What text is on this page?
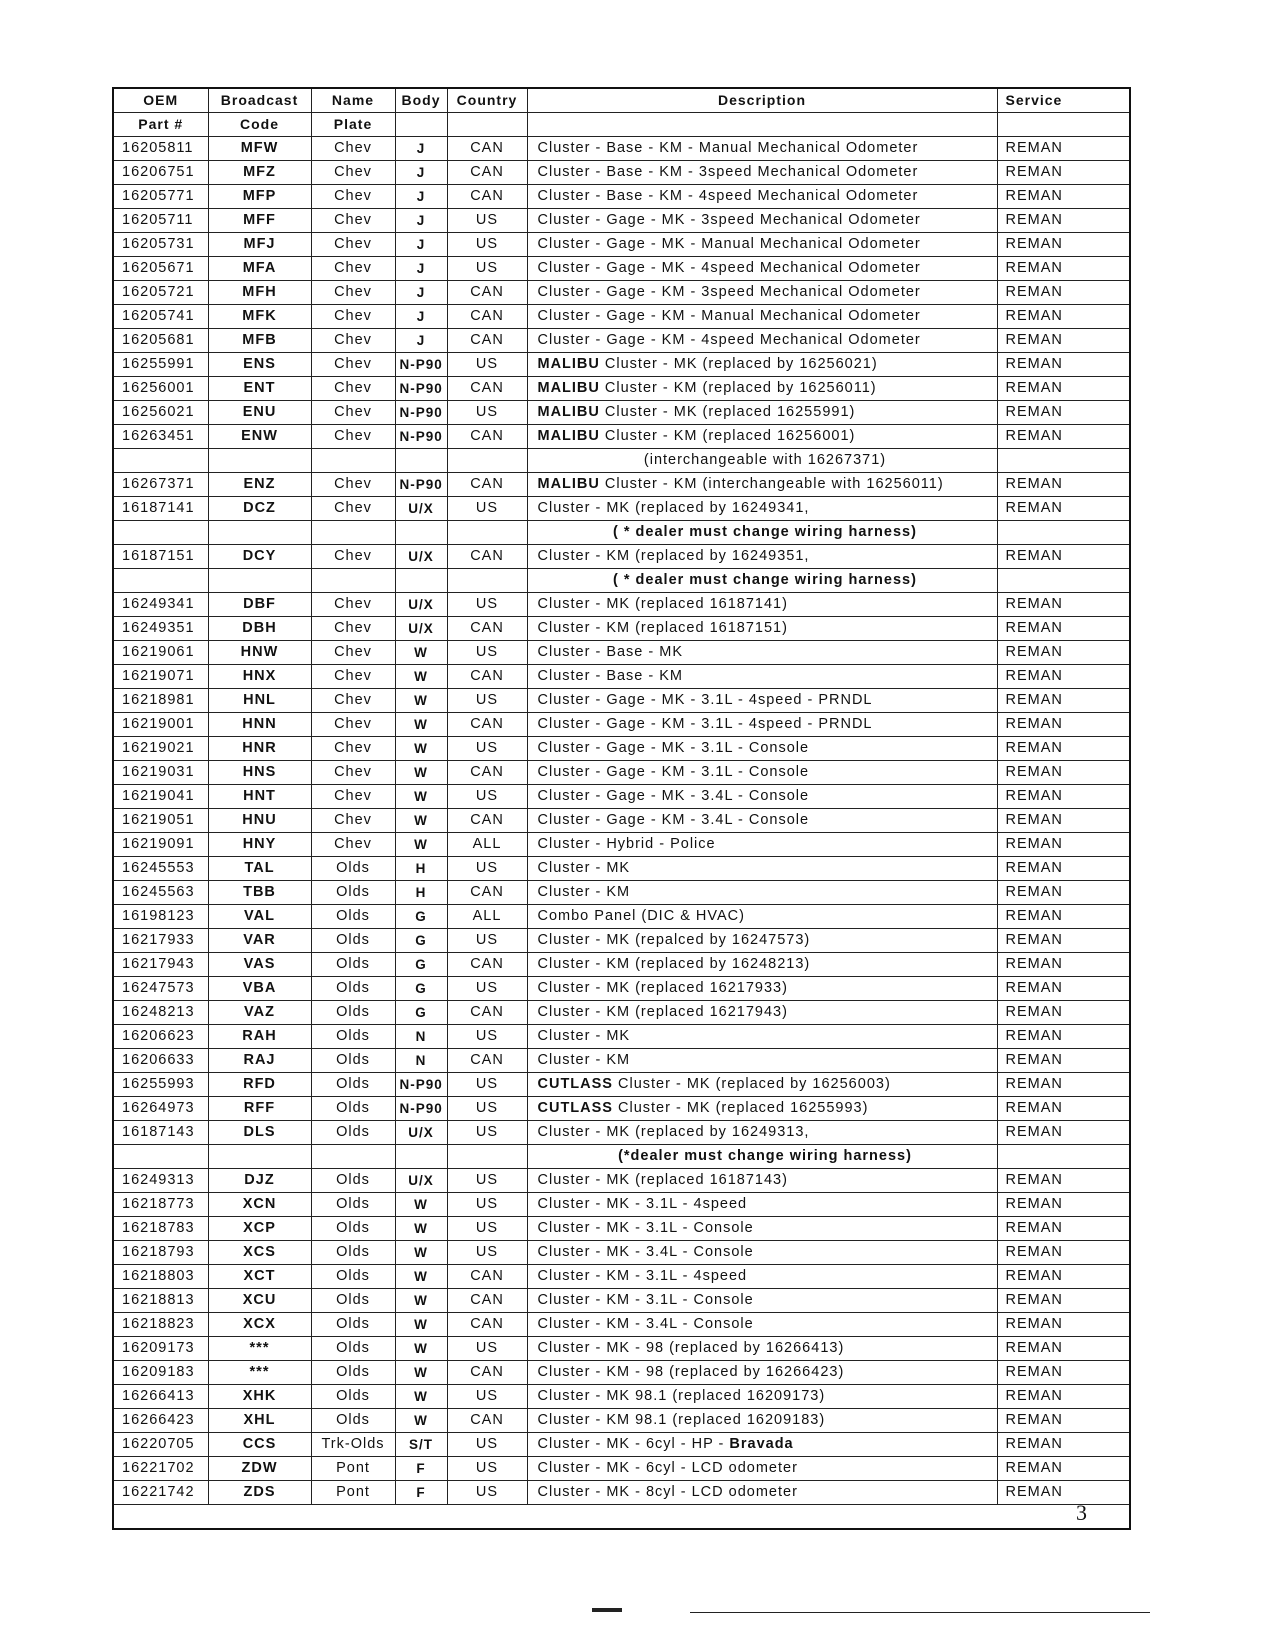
OEM	Broadcast	Name	Body	Country	Description	Service
Part #	Code	Plate				
16205811	MFW	Chev	J	CAN	Cluster - Base - KM - Manual Mechanical Odometer	REMAN
16206751	MFZ	Chev	J	CAN	Cluster - Base - KM - 3speed Mechanical Odometer	REMAN
16205771	MFP	Chev	J	CAN	Cluster - Base - KM - 4speed Mechanical Odometer	REMAN
16205711	MFF	Chev	J	US	Cluster - Gage - MK - 3speed Mechanical Odometer	REMAN
16205731	MFJ	Chev	J	US	Cluster - Gage - MK - Manual Mechanical Odometer	REMAN
16205671	MFA	Chev	J	US	Cluster - Gage - MK - 4speed Mechanical Odometer	REMAN
16205721	MFH	Chev	J	CAN	Cluster - Gage - KM - 3speed Mechanical Odometer	REMAN
16205741	MFK	Chev	J	CAN	Cluster - Gage - KM - Manual Mechanical Odometer	REMAN
16205681	MFB	Chev	J	CAN	Cluster - Gage - KM - 4speed Mechanical Odometer	REMAN
16255991	ENS	Chev	N-P90	US	MALIBU Cluster - MK (replaced by 16256021)	REMAN
16256001	ENT	Chev	N-P90	CAN	MALIBU Cluster - KM (replaced by 16256011)	REMAN
16256021	ENU	Chev	N-P90	US	MALIBU Cluster - MK (replaced 16255991)	REMAN
16263451	ENW	Chev	N-P90	CAN	MALIBU Cluster - KM (replaced 16256001)	REMAN
					(interchangeable with 16267371)	
16267371	ENZ	Chev	N-P90	CAN	MALIBU Cluster - KM (interchangeable with 16256011)	REMAN
16187141	DCZ	Chev	U/X	US	Cluster - MK (replaced by 16249341,	REMAN
					( * dealer must change wiring harness)	
16187151	DCY	Chev	U/X	CAN	Cluster - KM (replaced by 16249351,	REMAN
					( * dealer must change wiring harness)	
16249341	DBF	Chev	U/X	US	Cluster - MK (replaced 16187141)	REMAN
16249351	DBH	Chev	U/X	CAN	Cluster - KM (replaced 16187151)	REMAN
16219061	HNW	Chev	W	US	Cluster - Base - MK	REMAN
16219071	HNX	Chev	W	CAN	Cluster - Base - KM	REMAN
16218981	HNL	Chev	W	US	Cluster - Gage - MK - 3.1L - 4speed - PRNDL	REMAN
16219001	HNN	Chev	W	CAN	Cluster - Gage - KM - 3.1L - 4speed - PRNDL	REMAN
16219021	HNR	Chev	W	US	Cluster - Gage - MK - 3.1L - Console	REMAN
16219031	HNS	Chev	W	CAN	Cluster - Gage - KM - 3.1L - Console	REMAN
16219041	HNT	Chev	W	US	Cluster - Gage - MK - 3.4L - Console	REMAN
16219051	HNU	Chev	W	CAN	Cluster - Gage - KM - 3.4L - Console	REMAN
16219091	HNY	Chev	W	ALL	Cluster - Hybrid - Police	REMAN
16245553	TAL	Olds	H	US	Cluster - MK	REMAN
16245563	TBB	Olds	H	CAN	Cluster - KM	REMAN
16198123	VAL	Olds	G	ALL	Combo Panel (DIC & HVAC)	REMAN
16217933	VAR	Olds	G	US	Cluster - MK (repalced by 16247573)	REMAN
16217943	VAS	Olds	G	CAN	Cluster - KM (replaced by 16248213)	REMAN
16247573	VBA	Olds	G	US	Cluster - MK (replaced 16217933)	REMAN
16248213	VAZ	Olds	G	CAN	Cluster - KM (replaced 16217943)	REMAN
16206623	RAH	Olds	N	US	Cluster - MK	REMAN
16206633	RAJ	Olds	N	CAN	Cluster - KM	REMAN
16255993	RFD	Olds	N-P90	US	CUTLASS Cluster - MK (replaced by 16256003)	REMAN
16264973	RFF	Olds	N-P90	US	CUTLASS Cluster - MK (replaced 16255993)	REMAN
16187143	DLS	Olds	U/X	US	Cluster - MK (replaced by 16249313,	REMAN
					(*dealer must change wiring harness)	
16249313	DJZ	Olds	U/X	US	Cluster - MK (replaced 16187143)	REMAN
16218773	XCN	Olds	W	US	Cluster - MK - 3.1L - 4speed	REMAN
16218783	XCP	Olds	W	US	Cluster - MK - 3.1L - Console	REMAN
16218793	XCS	Olds	W	US	Cluster - MK - 3.4L - Console	REMAN
16218803	XCT	Olds	W	CAN	Cluster - KM - 3.1L - 4speed	REMAN
16218813	XCU	Olds	W	CAN	Cluster - KM - 3.1L - Console	REMAN
16218823	XCX	Olds	W	CAN	Cluster - KM - 3.4L - Console	REMAN
16209173	***	Olds	W	US	Cluster - MK - 98 (replaced by 16266413)	REMAN
16209183	***	Olds	W	CAN	Cluster - KM - 98 (replaced by 16266423)	REMAN
16266413	XHK	Olds	W	US	Cluster - MK 98.1 (replaced 16209173)	REMAN
16266423	XHL	Olds	W	CAN	Cluster - KM 98.1 (replaced 16209183)	REMAN
16220705	CCS	Trk-Olds	S/T	US	Cluster - MK - 6cyl - HP - Bravada	REMAN
16221702	ZDW	Pont	F	US	Cluster - MK - 6cyl - LCD odometer	REMAN
16221742	ZDS	Pont	F	US	Cluster - MK - 8cyl - LCD odometer	REMAN
3
